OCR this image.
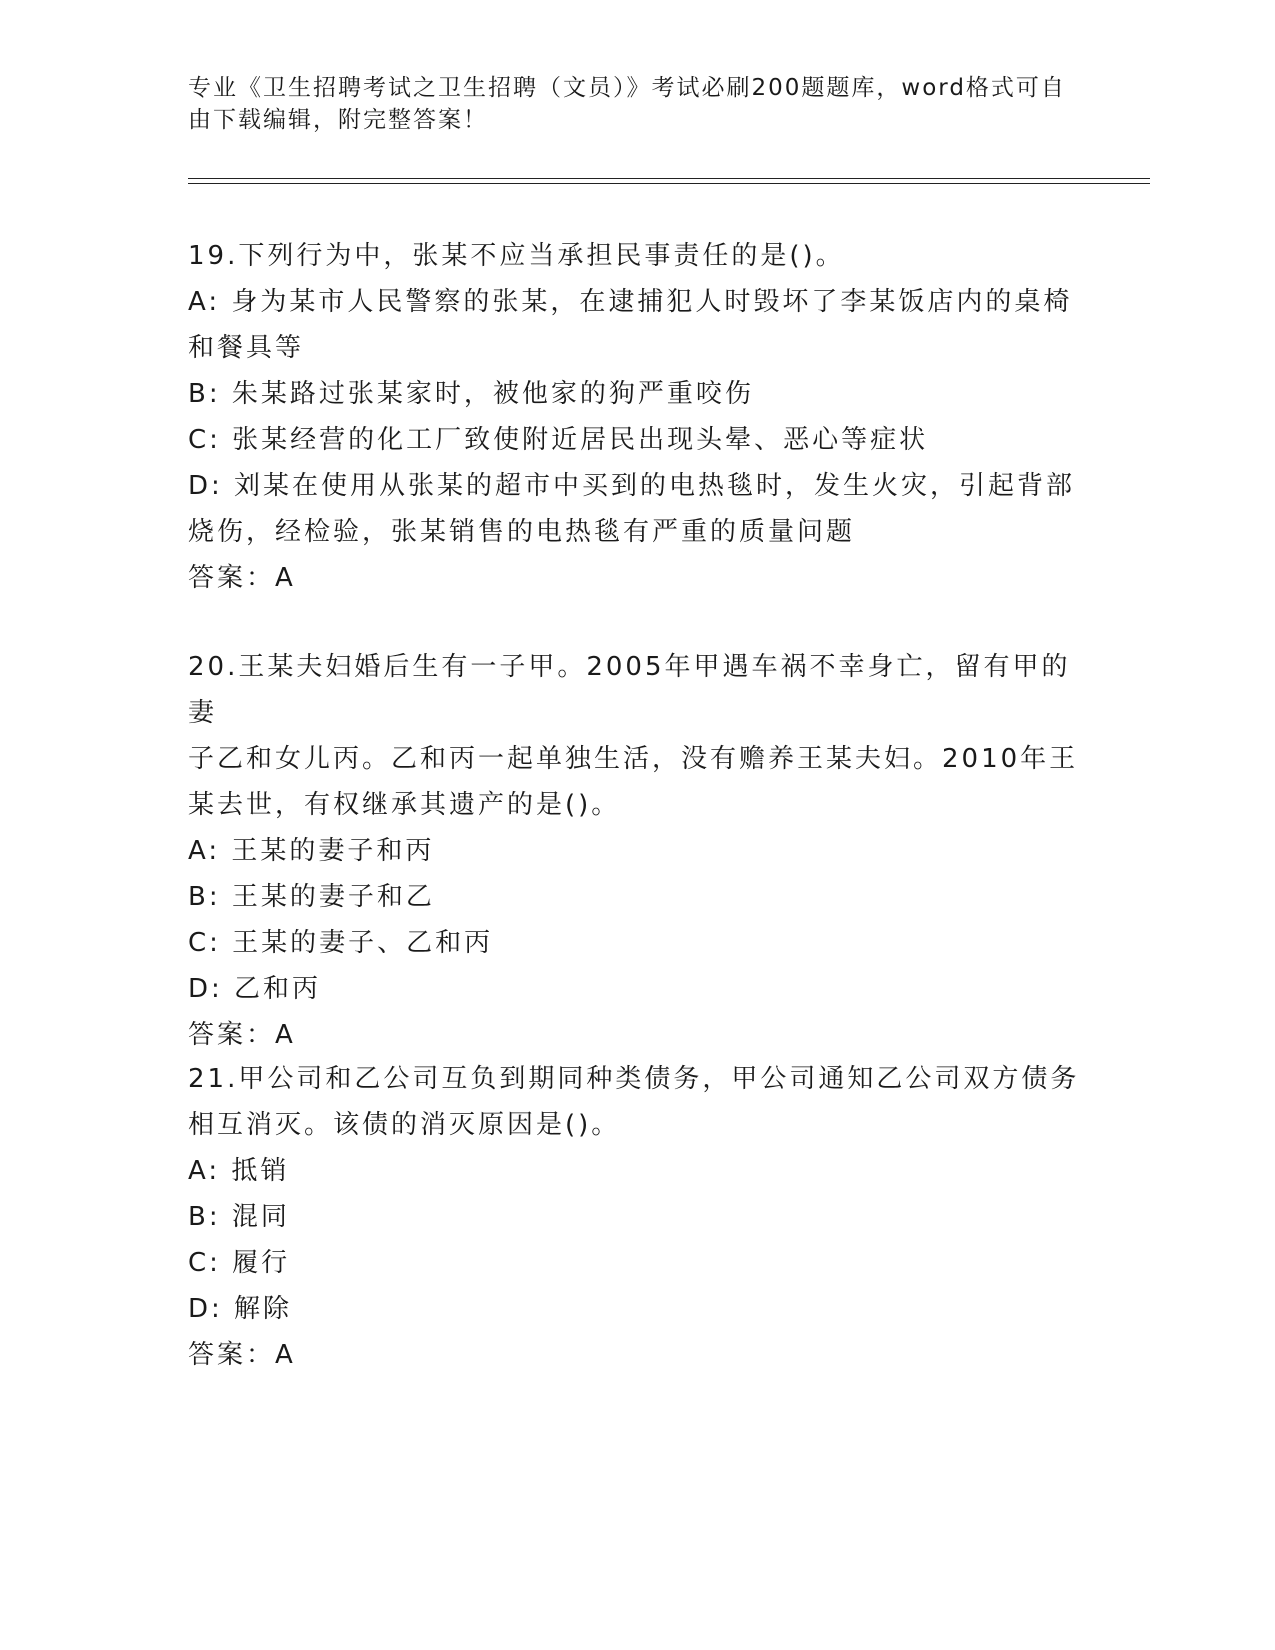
专业《卫生招聘考试之卫生招聘（文员）》考试必刷200题题库，word格式可自
由下载编辑，附完整答案！

19.下列行为中，张某不应当承担民事责任的是()。

A: 身为某市人民警察的张某，在逮捕犯人时毁坏了李某饭店内的桌椅

和餐具等

B: 朱某路过张某家时，被他家的狗严重咬伤

C: 张某经营的化工厂致使附近居民出现头晕、恶心等症状

D: 刘某在使用从张某的超市中买到的电热毯时，发生火灾，引起背部

烧伤，经检验，张某销售的电热毯有严重的质量问题

答案：A

20.王某夫妇婚后生有一子甲。2005年甲遇车祸不幸身亡，留有甲的妻

子乙和女儿丙。乙和丙一起单独生活，没有赡养王某夫妇。2010年王

某去世，有权继承其遗产的是()。

A: 王某的妻子和丙

B: 王某的妻子和乙

C: 王某的妻子、乙和丙

D: 乙和丙

答案：A

21.甲公司和乙公司互负到期同种类债务，甲公司通知乙公司双方债务

相互消灭。该债的消灭原因是()。

A: 抵销

B: 混同

C: 履行

D: 解除

答案：A
